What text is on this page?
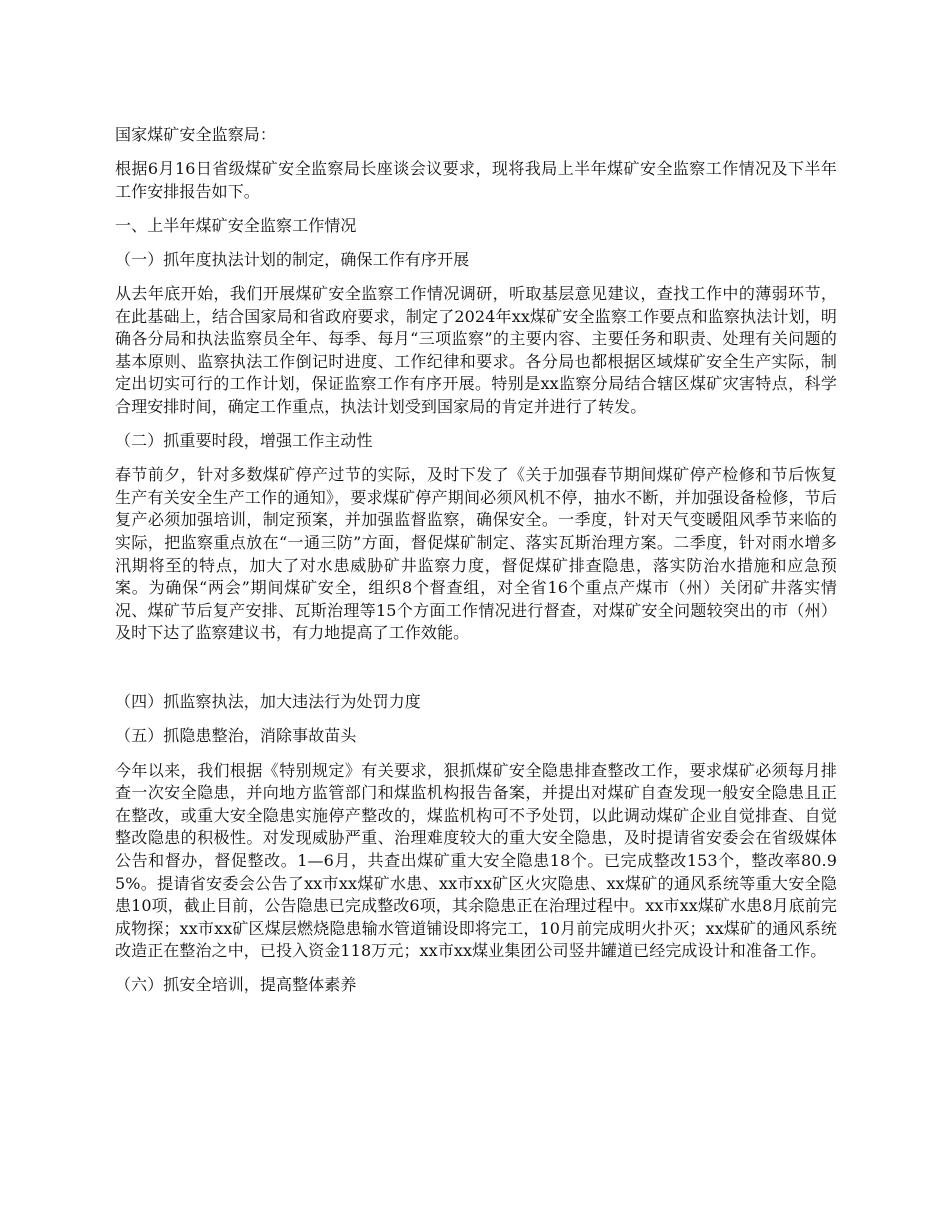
国家煤矿安全监察局：

根据6月16日省级煤矿安全监察局长座谈会议要求，现将我局上半年煤矿安全监察工作情况及下半年工作安排报告如下。

一、上半年煤矿安全监察工作情况

（一）抓年度执法计划的制定，确保工作有序开展

从去年底开始，我们开展煤矿安全监察工作情况调研，听取基层意见建议，查找工作中的薄弱环节，在此基础上，结合国家局和省政府要求，制定了2024年xx煤矿安全监察工作要点和监察执法计划，明确各分局和执法监察员全年、每季、每月“三项监察”的主要内容、主要任务和职责、处理有关问题的基本原则、监察执法工作倒记时进度、工作纪律和要求。各分局也都根据区域煤矿安全生产实际，制定出切实可行的工作计划，保证监察工作有序开展。特别是xx监察分局结合辖区煤矿灾害特点，科学合理安排时间，确定工作重点，执法计划受到国家局的肯定并进行了转发。

（二）抓重要时段，增强工作主动性

春节前夕，针对多数煤矿停产过节的实际，及时下发了《关于加强春节期间煤矿停产检修和节后恢复生产有关安全生产工作的通知》，要求煤矿停产期间必须风机不停，抽水不断，并加强设备检修，节后复产必须加强培训，制定预案，并加强监督监察，确保安全。一季度，针对天气变暖阻风季节来临的实际，把监察重点放在“一通三防”方面，督促煤矿制定、落实瓦斯治理方案。二季度，针对雨水增多汛期将至的特点，加大了对水患威胁矿井监察力度，督促煤矿排查隐患，落实防治水措施和应急预案。为确保“两会”期间煤矿安全，组织8个督查组，对全省16个重点产煤市（州）关闭矿井落实情况、煤矿节后复产安排、瓦斯治理等15个方面工作情况进行督查，对煤矿安全问题较突出的市（州）及时下达了监察建议书，有力地提高了工作效能。

（四）抓监察执法，加大违法行为处罚力度

（五）抓隐患整治，消除事故苗头

今年以来，我们根据《特别规定》有关要求，狠抓煤矿安全隐患排查整改工作，要求煤矿必须每月排查一次安全隐患，并向地方监管部门和煤监机构报告备案，并提出对煤矿自查发现一般安全隐患且正在整改，或重大安全隐患实施停产整改的，煤监机构可不予处罚，以此调动煤矿企业自觉排查、自觉整改隐患的积极性。对发现威胁严重、治理难度较大的重大安全隐患，及时提请省安委会在省级媒体公告和督办，督促整改。1—6月，共查出煤矿重大安全隐患18个。已完成整改153个，整改率80.95%。提请省安委会公告了xx市xx煤矿水患、xx市xx矿区火灾隐患、xx煤矿的通风系统等重大安全隐患10项，截止目前，公告隐患已完成整改6项，其余隐患正在治理过程中。xx市xx煤矿水患8月底前完成物探；xx市xx矿区煤层燃烧隐患输水管道铺设即将完工，10月前完成明火扑灭；xx煤矿的通风系统改造正在整治之中，已投入资金118万元；xx市xx煤业集团公司竖井罐道已经完成设计和准备工作。

（六）抓安全培训，提高整体素养
